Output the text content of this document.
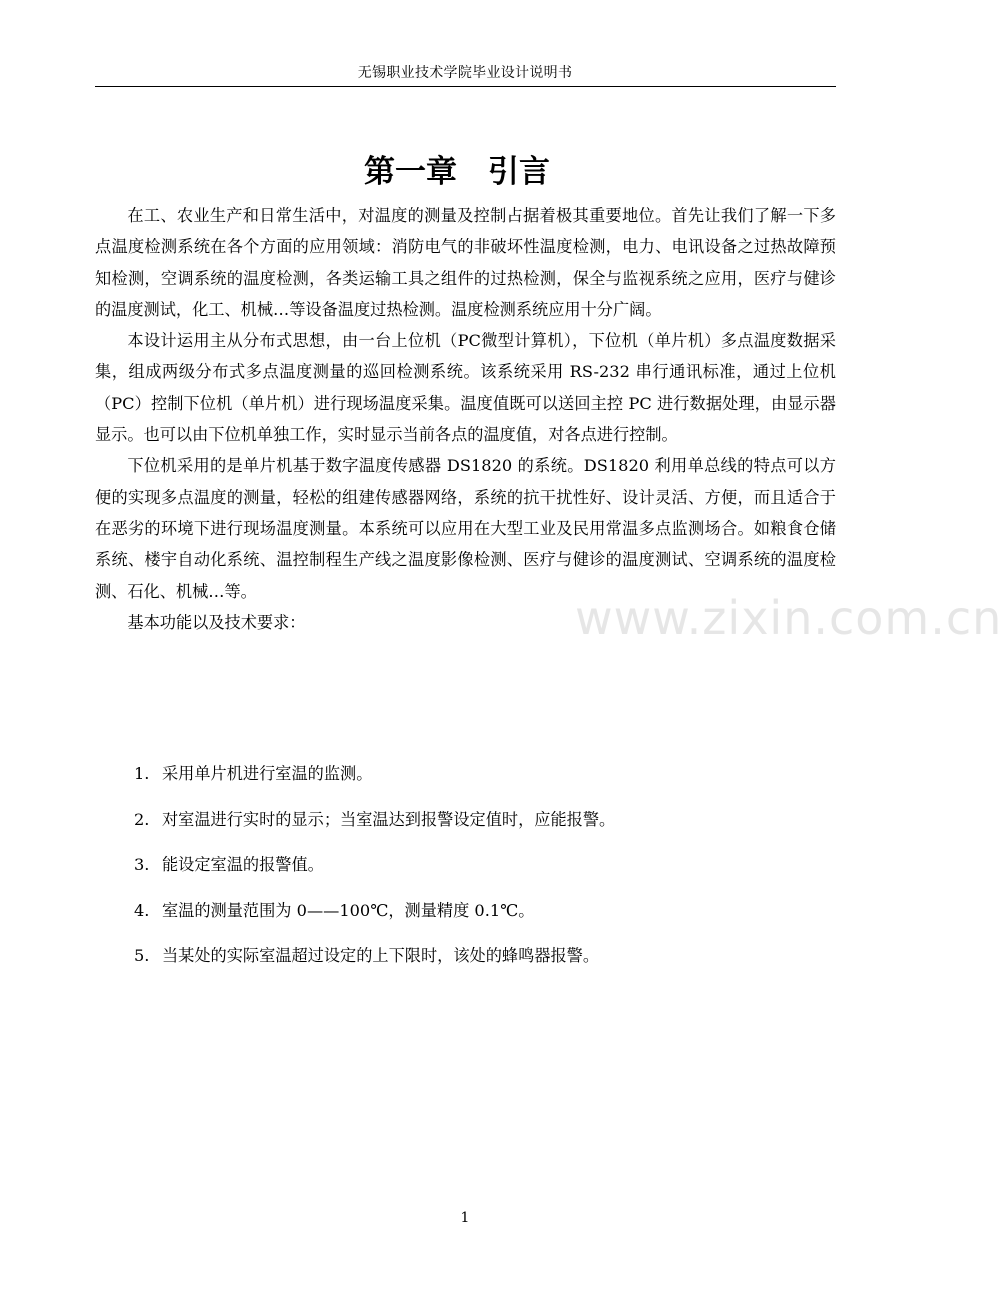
无锡职业技术学院毕业设计说明书
第一章　引言

在工、农业生产和日常生活中，对温度的测量及控制占据着极其重要地位。首先让我们了解一下多点温度检测系统在各个方面的应用领域：消防电气的非破坏性温度检测，电力、电讯设备之过热故障预知检测，空调系统的温度检测，各类运输工具之组件的过热检测，保全与监视系统之应用，医疗与健诊的温度测试，化工、机械…等设备温度过热检测。温度检测系统应用十分广阔。

本设计运用主从分布式思想，由一台上位机（PC微型计算机），下位机（单片机）多点温度数据采集，组成两级分布式多点温度测量的巡回检测系统。该系统采用 RS-232 串行通讯标准，通过上位机（PC）控制下位机（单片机）进行现场温度采集。温度值既可以送回主控 PC 进行数据处理，由显示器显示。也可以由下位机单独工作，实时显示当前各点的温度值，对各点进行控制。

下位机采用的是单片机基于数字温度传感器 DS1820 的系统。DS1820 利用单总线的特点可以方便的实现多点温度的测量，轻松的组建传感器网络，系统的抗干扰性好、设计灵活、方便，而且适合于在恶劣的环境下进行现场温度测量。本系统可以应用在大型工业及民用常温多点监测场合。如粮食仓储系统、楼宇自动化系统、温控制程生产线之温度影像检测、医疗与健诊的温度测试、空调系统的温度检测、石化、机械…等。

基本功能以及技术要求：

1. 采用单片机进行室温的监测。
2. 对室温进行实时的显示；当室温达到报警设定值时，应能报警。
3. 能设定室温的报警值。
4. 室温的测量范围为 0——100℃，测量精度 0.1℃。
5. 当某处的实际室温超过设定的上下限时，该处的蜂鸣器报警。
www.zixin.com.cn
1
